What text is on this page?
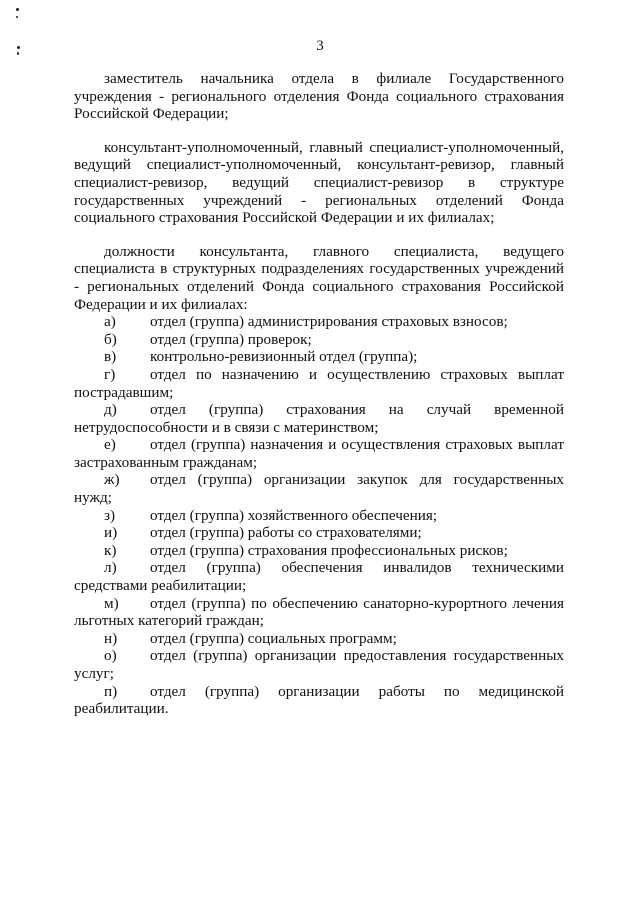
3

заместитель начальника отдела в филиале Государственного учреждения - регионального отделения Фонда социального страхования Российской Федерации;

консультант-уполномоченный, главный специалист-уполномоченный, ведущий специалист-уполномоченный, консультант-ревизор, главный специалист-ревизор, ведущий специалист-ревизор в структуре государственных учреждений - региональных отделений Фонда социального страхования Российской Федерации и их филиалах;

должности консультанта, главного специалиста, ведущего специалиста в структурных подразделениях государственных учреждений - региональных отделений Фонда социального страхования Российской Федерации и их филиалах:

а) отдел (группа) администрирования страховых взносов;

б) отдел (группа) проверок;

в) контрольно-ревизионный отдел (группа);

г) отдел по назначению и осуществлению страховых выплат пострадавшим;

д) отдел (группа) страхования на случай временной нетрудоспособности и в связи с материнством;

е) отдел (группа) назначения и осуществления страховых выплат застрахованным гражданам;

ж) отдел (группа) организации закупок для государственных нужд;

з) отдел (группа) хозяйственного обеспечения;

и) отдел (группа) работы со страхователями;

к) отдел (группа) страхования профессиональных рисков;

л) отдел (группа) обеспечения инвалидов техническими средствами реабилитации;

м) отдел (группа) по обеспечению санаторно-курортного лечения льготных категорий граждан;

н) отдел (группа) социальных программ;

о) отдел (группа) организации предоставления государственных услуг;

п) отдел (группа) организации работы по медицинской реабилитации.
